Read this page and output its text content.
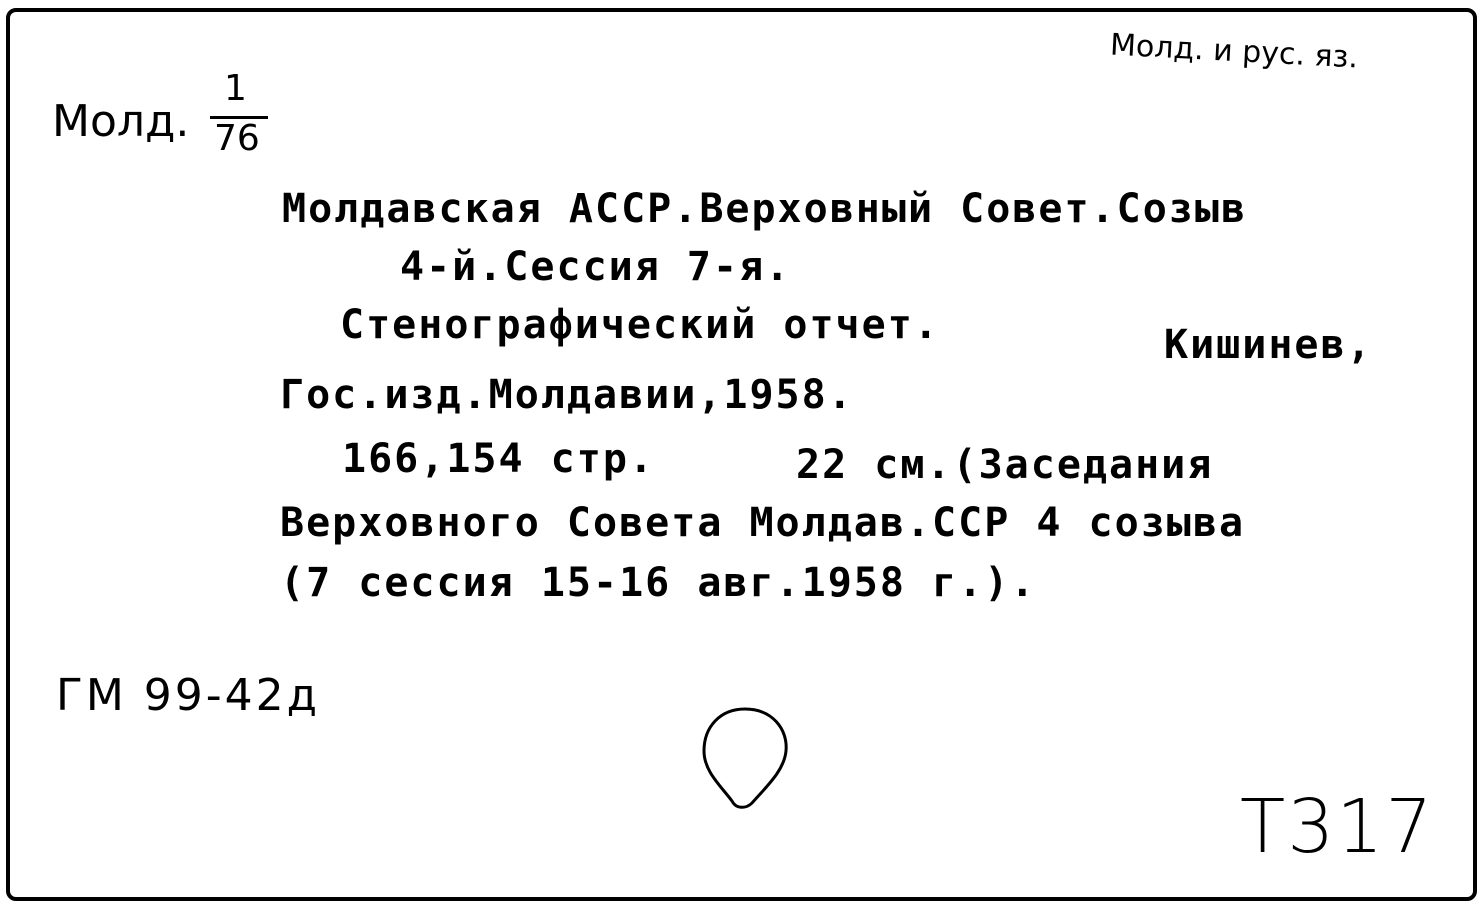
Молд. и рус. яз.
Молд.
1
76
Молдавская АССР.Верховный Совет.Созыв
4-й.Сессия 7-я.
Стенографический отчет.	Кишинев,
Гос.изд.Молдавии,1958.
166,154 стр.	22 см.(Заседания
Верховного Совета Молдав.ССР 4 созыва
(7 сессия 15-16 авг.1958 г.).
ГМ 99-42д
Т317
